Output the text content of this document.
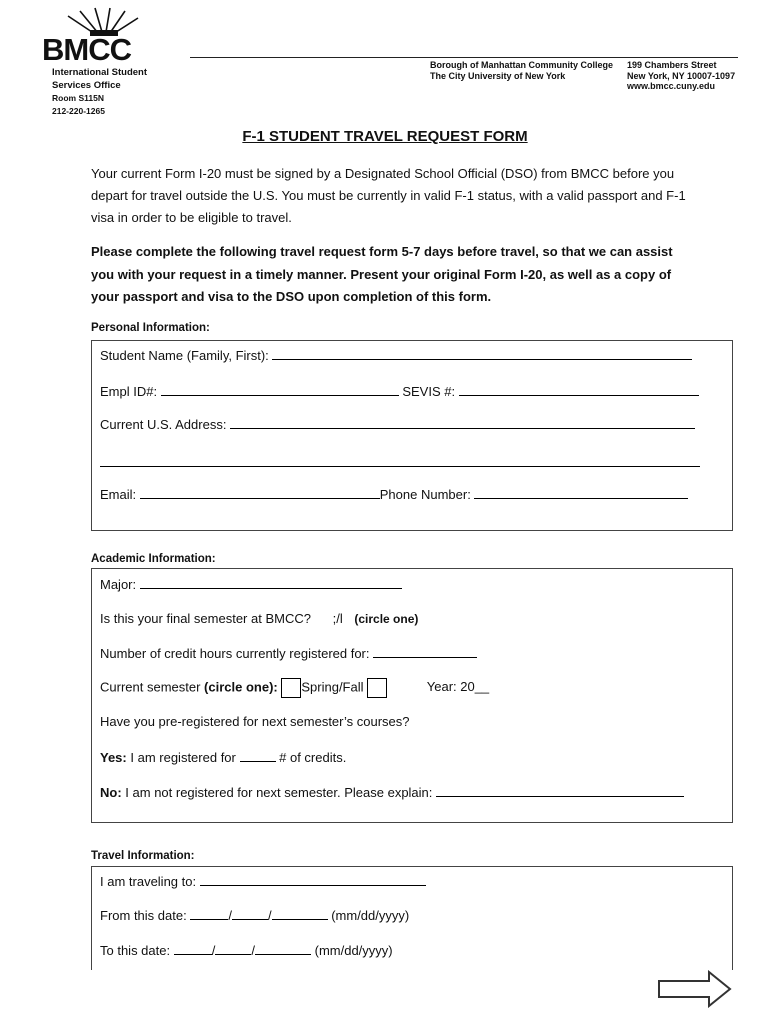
BMCC
International Student
Services Office
Room S115N
212-220-1265
Borough of Manhattan Community College
The City University of New York
199 Chambers Street
New York, NY 10007-1097
www.bmcc.cuny.edu
F-1 STUDENT TRAVEL REQUEST FORM
Your current Form I-20 must be signed by a Designated School Official (DSO) from BMCC before you depart for travel outside the U.S. You must be currently in valid F-1 status, with a valid passport and F-1 visa in order to be eligible to travel.
Please complete the following travel request form 5-7 days before travel, so that we can assist you with your request in a timely manner. Present your original Form I-20, as well as a copy of your passport and visa to the DSO upon completion of this form.
Personal Information:
Student Name (Family, First):
Empl ID#:	SEVIS #:
Current U.S. Address:
Email:	Phone Number:
Academic Information:
Major:
Is this your final semester at BMCC? ;/l (circle one)
Number of credit hours currently registered for:
Current semester (circle one): Spring/Fall	Year: 20__
Have you pre-registered for next semester’s courses?
Yes: I am registered for	# of credits.
No: I am not registered for next semester. Please explain:
Travel Information:
I am traveling to:
From this date:	/	/	(mm/dd/yyyy)
To this date:	/	/	(mm/dd/yyyy)
